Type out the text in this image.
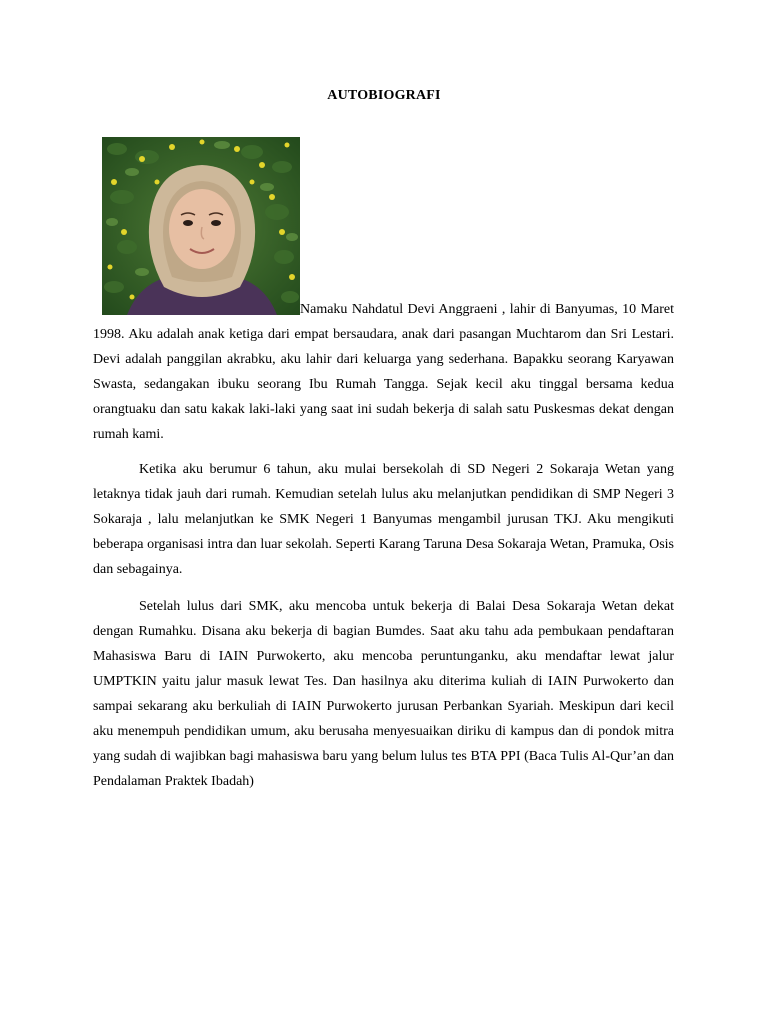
AUTOBIOGRAFI

Namaku Nahdatul Devi Anggraeni , lahir di Banyumas, 10 Maret 1998. Aku adalah anak ketiga dari empat bersaudara, anak dari pasangan Muchtarom dan Sri Lestari. Devi adalah panggilan akrabku, aku lahir dari keluarga yang sederhana. Bapakku seorang Karyawan Swasta, sedangakan ibuku seorang Ibu Rumah Tangga. Sejak kecil aku tinggal bersama kedua orangtuaku dan satu kakak laki-laki yang saat ini sudah bekerja di salah satu Puskesmas dekat dengan rumah kami.

Ketika aku berumur 6 tahun, aku mulai bersekolah di SD Negeri 2 Sokaraja Wetan yang letaknya tidak jauh dari rumah. Kemudian setelah lulus aku melanjutkan pendidikan di SMP Negeri 3 Sokaraja , lalu melanjutkan ke SMK Negeri 1 Banyumas mengambil jurusan TKJ. Aku mengikuti beberapa organisasi intra dan luar sekolah. Seperti Karang Taruna Desa Sokaraja Wetan, Pramuka, Osis dan sebagainya.

Setelah lulus dari SMK, aku mencoba untuk bekerja di Balai Desa Sokaraja Wetan dekat dengan Rumahku. Disana aku bekerja di bagian Bumdes. Saat aku tahu ada pembukaan pendaftaran Mahasiswa Baru di IAIN Purwokerto, aku mencoba peruntunganku, aku mendaftar lewat jalur UMPTKIN yaitu jalur masuk lewat Tes. Dan hasilnya aku diterima kuliah di IAIN Purwokerto dan sampai sekarang aku berkuliah di IAIN Purwokerto jurusan Perbankan Syariah. Meskipun dari kecil aku menempuh pendidikan umum, aku berusaha menyesuaikan diriku di kampus dan di pondok mitra yang sudah di wajibkan bagi mahasiswa baru yang belum lulus tes BTA PPI (Baca Tulis Al-Qur’an dan Pendalaman Praktek Ibadah)
